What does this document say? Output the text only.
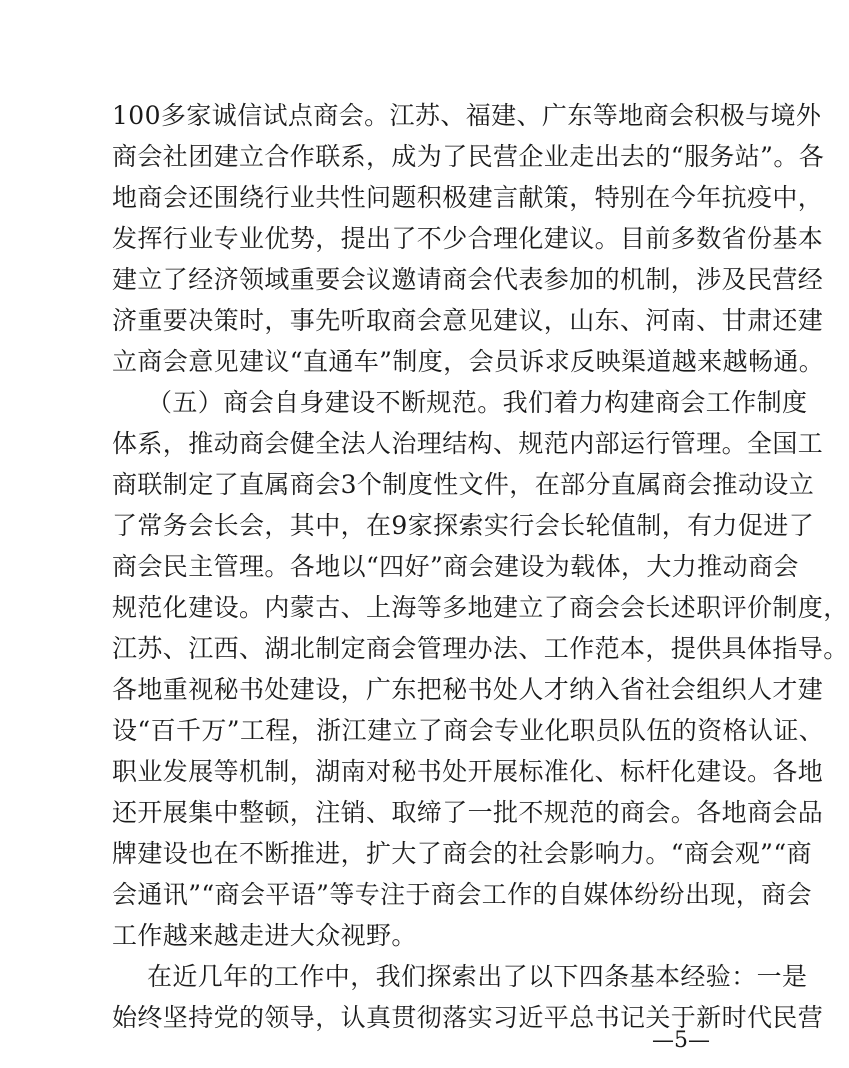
100多家诚信试点商会。江苏、福建、广东等地商会积极与境外
商会社团建立合作联系，成为了民营企业走出去的“服务站”。各
地商会还围绕行业共性问题积极建言献策，特别在今年抗疫中，
发挥行业专业优势，提出了不少合理化建议。目前多数省份基本
建立了经济领域重要会议邀请商会代表参加的机制，涉及民营经
济重要决策时，事先听取商会意见建议，山东、河南、甘肃还建
立商会意见建议“直通车”制度，会员诉求反映渠道越来越畅通。
（五）商会自身建设不断规范。我们着力构建商会工作制度
体系，推动商会健全法人治理结构、规范内部运行管理。全国工
商联制定了直属商会3个制度性文件，在部分直属商会推动设立
了常务会长会，其中，在9家探索实行会长轮值制，有力促进了
商会民主管理。各地以“四好”商会建设为载体，大力推动商会
规范化建设。内蒙古、上海等多地建立了商会会长述职评价制度，
江苏、江西、湖北制定商会管理办法、工作范本，提供具体指导。
各地重视秘书处建设，广东把秘书处人才纳入省社会组织人才建
设“百千万”工程，浙江建立了商会专业化职员队伍的资格认证、
职业发展等机制，湖南对秘书处开展标准化、标杆化建设。各地
还开展集中整顿，注销、取缔了一批不规范的商会。各地商会品
牌建设也在不断推进，扩大了商会的社会影响力。“商会观”“商
会通讯”“商会平语”等专注于商会工作的自媒体纷纷出现，商会
工作越来越走进大众视野。
在近几年的工作中，我们探索出了以下四条基本经验：一是
始终坚持党的领导，认真贯彻落实习近平总书记关于新时代民营
—5—
